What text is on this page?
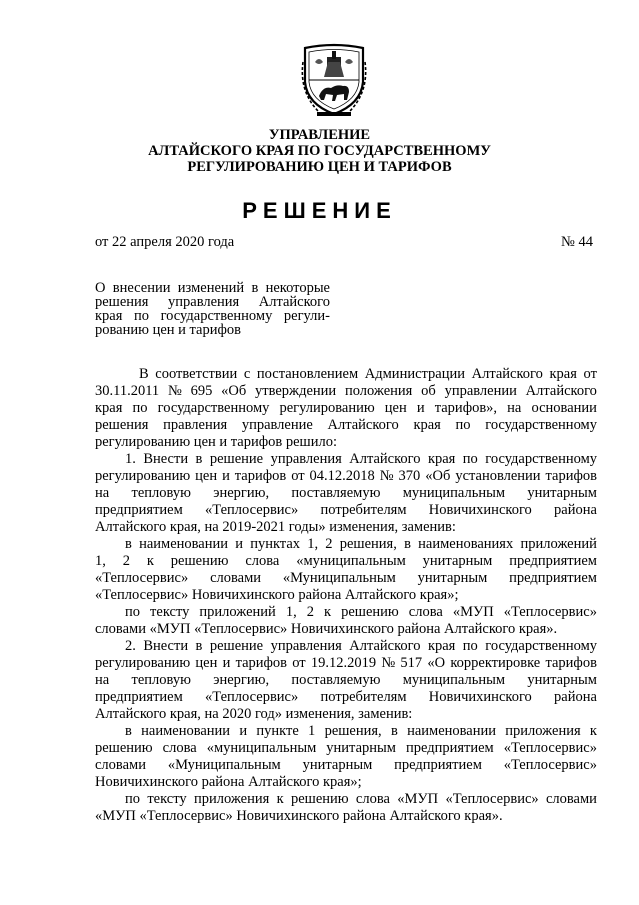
УПРАВЛЕНИЕ
АЛТАЙСКОГО КРАЯ ПО ГОСУДАРСТВЕННОМУ
РЕГУЛИРОВАНИЮ ЦЕН И ТАРИФОВ
РЕШЕНИЕ
от 22 апреля 2020 года	№ 44
О внесении изменений в некоторые
решения управления Алтайского
края по государственному регули-
рованию цен и тарифов
В соответствии с постановлением Администрации Алтайского края от
30.11.2011 № 695 «Об утверждении положения об управлении Алтайского
края по государственному регулированию цен и тарифов», на основании
решения правления управление Алтайского края по государственному
регулированию цен и тарифов решило:
1. Внести в решение управления Алтайского края по государственному
регулированию цен и тарифов от 04.12.2018 № 370 «Об установлении тарифов
на тепловую энергию, поставляемую муниципальным унитарным
предприятием «Теплосервис» потребителям Новичихинского района
Алтайского края, на 2019-2021 годы» изменения, заменив:
в наименовании и пунктах 1, 2 решения, в наименованиях приложений
1, 2 к решению слова «муниципальным унитарным предприятием
«Теплосервис» словами «Муниципальным унитарным предприятием
«Теплосервис» Новичихинского района Алтайского края»;
по тексту приложений 1, 2 к решению слова «МУП «Теплосервис»
словами «МУП «Теплосервис» Новичихинского района Алтайского края».
2. Внести в решение управления Алтайского края по государственному
регулированию цен и тарифов от 19.12.2019 № 517 «О корректировке тарифов
на тепловую энергию, поставляемую муниципальным унитарным
предприятием «Теплосервис» потребителям Новичихинского района
Алтайского края, на 2020 год» изменения, заменив:
в наименовании и пункте 1 решения, в наименовании приложения к
решению слова «муниципальным унитарным предприятием «Теплосервис»
словами «Муниципальным унитарным предприятием «Теплосервис»
Новичихинского района Алтайского края»;
по тексту приложения к решению слова «МУП «Теплосервис» словами
«МУП «Теплосервис» Новичихинского района Алтайского края».
